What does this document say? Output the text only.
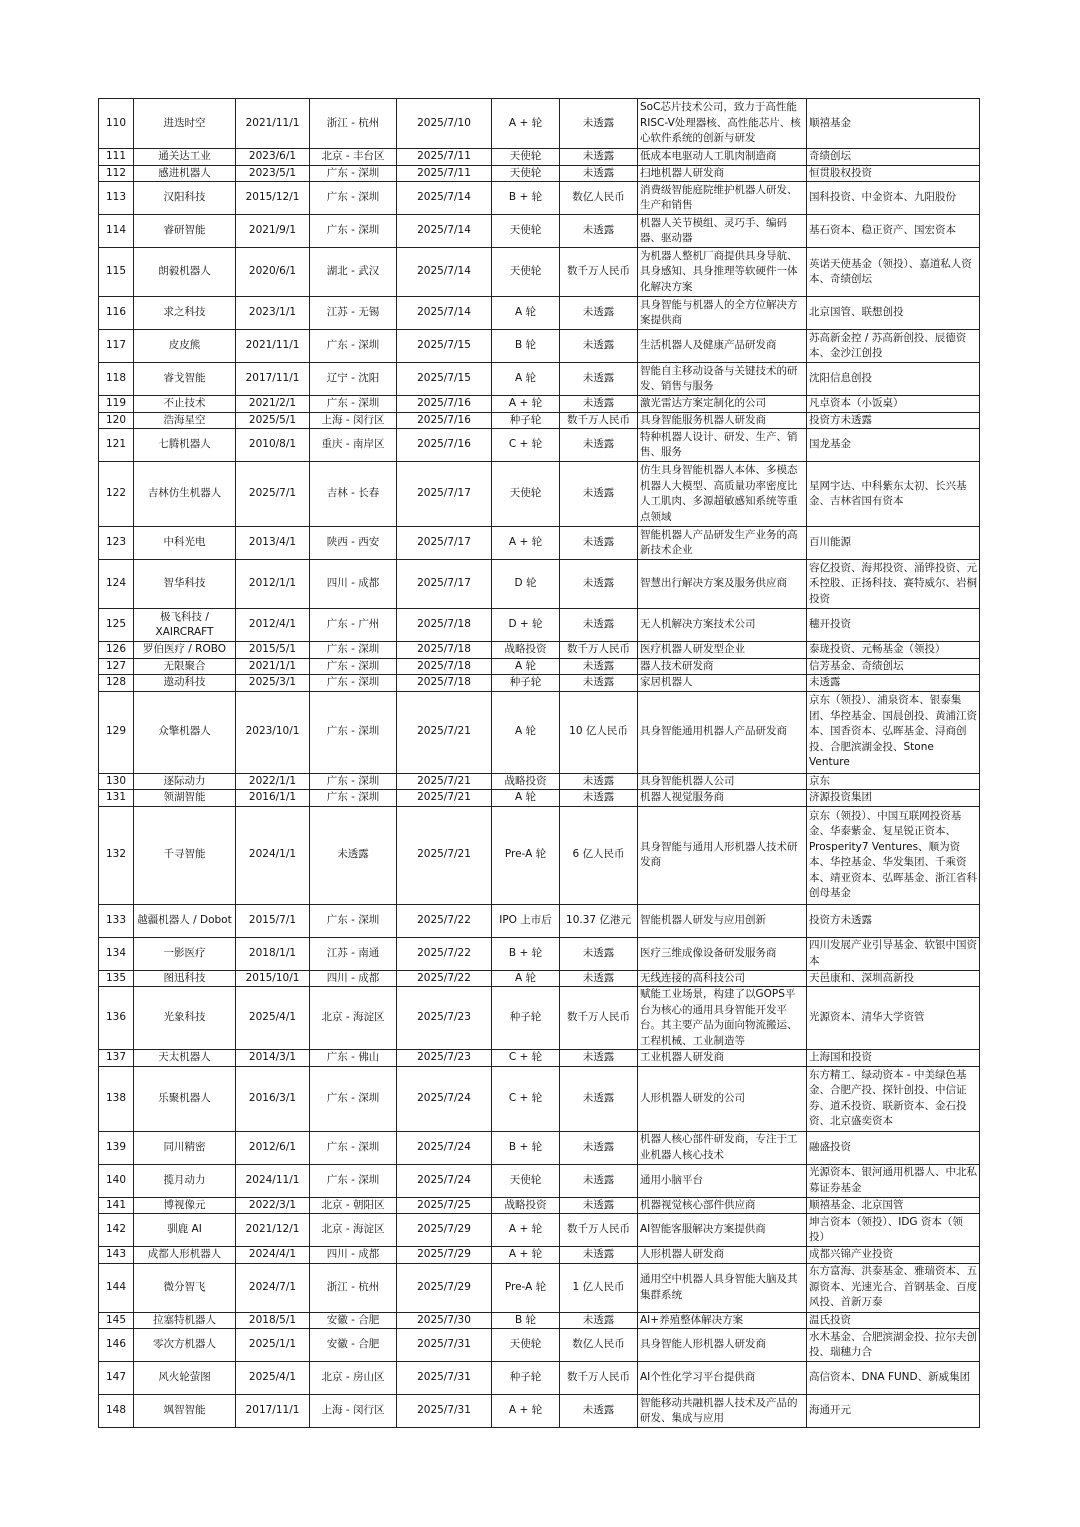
110	进迭时空	2021/11/1	浙江 - 杭州	2025/7/10	A + 轮	未透露	SoC芯片技术公司，致力于高性能RISC-V处理器核、高性能芯片、核心软件系统的创新与研发	顺禧基金
111	通关达工业	2023/6/1	北京 - 丰台区	2025/7/11	天使轮	未透露	低成本电驱动人工肌肉制造商	奇绩创坛
112	感进机器人	2023/5/1	广东 - 深圳	2025/7/11	天使轮	未透露	扫地机器人研发商	恒贯股权投资
113	汉阳科技	2015/12/1	广东 - 深圳	2025/7/14	B + 轮	数亿人民币	消费级智能庭院维护机器人研发、生产和销售	国科投资、中金资本、九阳股份
114	睿研智能	2021/9/1	广东 - 深圳	2025/7/14	天使轮	未透露	机器人关节模组、灵巧手、编码器、驱动器	基石资本、稳正资产、国宏资本
115	朗毅机器人	2020/6/1	湖北 - 武汉	2025/7/14	天使轮	数千万人民币	为机器人整机厂商提供具身导航、具身感知、具身推理等软硬件一体化解决方案	英诺天使基金（领投）、嘉道私人资本、奇绩创坛
116	求之科技	2023/1/1	江苏 - 无锡	2025/7/14	A 轮	未透露	具身智能与机器人的全方位解决方案提供商	北京国管、联想创投
117	皮皮熊	2021/11/1	广东 - 深圳	2025/7/15	B 轮	未透露	生活机器人及健康产品研发商	苏高新金控 / 苏高新创投、辰德资本、金沙江创投
118	睿戈智能	2017/11/1	辽宁 - 沈阳	2025/7/15	A 轮	未透露	智能自主移动设备与关键技术的研发、销售与服务	沈阳信息创投
119	不止技术	2021/2/1	广东 - 深圳	2025/7/16	A + 轮	未透露	激光雷达方案定制化的公司	凡卓资本（小饭桌）
120	浩海星空	2025/5/1	上海 - 闵行区	2025/7/16	种子轮	数千万人民币	具身智能服务机器人研发商	投资方未透露
121	七腾机器人	2010/8/1	重庆 - 南岸区	2025/7/16	C + 轮	未透露	特种机器人设计、研发、生产、销售、服务	国龙基金
122	吉林仿生机器人	2025/7/1	吉林 - 长春	2025/7/17	天使轮	未透露	仿生具身智能机器人本体、多模态机器人大模型、高质量功率密度比人工肌肉、多源超敏感知系统等重点领域	星网宇达、中科紫东太初、长兴基金、吉林省国有资本
123	中科光电	2013/4/1	陕西 - 西安	2025/7/17	A + 轮	未透露	智能机器人产品研发生产业务的高新技术企业	百川能源
124	智华科技	2012/1/1	四川 - 成都	2025/7/17	D 轮	未透露	智慧出行解决方案及服务供应商	容亿投资、海邦投资、涌铧投资、元禾控股、正扬科技、赛特威尔、岩桐投资
125	极飞科技 / XAIRCRAFT	2012/4/1	广东 - 广州	2025/7/18	D + 轮	未透露	无人机解决方案技术公司	穗开投资
126	罗伯医疗 / ROBO	2015/5/1	广东 - 深圳	2025/7/18	战略投资	数千万人民币	医疗机器人研发型企业	泰珑投资、元畅基金（领投）
127	无限聚合	2021/1/1	广东 - 深圳	2025/7/18	A 轮	未透露	器人技术研发商	信芳基金、奇绩创坛
128	遨动科技	2025/3/1	广东 - 深圳	2025/7/18	种子轮	未透露	家居机器人	未透露
129	众擎机器人	2023/10/1	广东 - 深圳	2025/7/21	A 轮	10 亿人民币	具身智能通用机器人产品研发商	京东（领投）、浦泉资本、银泰集团、华控基金、国晨创投、黄浦江资本、国香资本、弘晖基金、浔商创投、合肥滨湖金投、Stone Venture
130	逐际动力	2022/1/1	广东 - 深圳	2025/7/21	战略投资	未透露	具身智能机器人公司	京东
131	领湖智能	2016/1/1	广东 - 深圳	2025/7/21	A 轮	未透露	机器人视觉服务商	济源投资集团
132	千寻智能	2024/1/1	未透露	2025/7/21	Pre-A 轮	6 亿人民币	具身智能与通用人形机器人技术研发商	京东（领投）、中国互联网投资基金、华泰紫金、复星锐正资本、Prosperity7 Ventures、顺为资本、华控基金、华发集团、千乘资本、靖亚资本、弘晖基金、浙江省科创母基金
133	越疆机器人 / Dobot	2015/7/1	广东 - 深圳	2025/7/22	IPO 上市后	10.37 亿港元	智能机器人研发与应用创新	投资方未透露
134	一影医疗	2018/1/1	江苏 - 南通	2025/7/22	B + 轮	未透露	医疗三维成像设备研发服务商	四川发展产业引导基金、软银中国资本
135	图迅科技	2015/10/1	四川 - 成都	2025/7/22	A 轮	未透露	无线连接的高科技公司	天邑康和、深圳高新投
136	光象科技	2025/4/1	北京 - 海淀区	2025/7/23	种子轮	数千万人民币	赋能工业场景，构建了以GOPS平台为核心的通用具身智能开发平台。其主要产品为面向物流搬运、工程机械、工业制造等	光源资本、清华大学资管
137	天太机器人	2014/3/1	广东 - 佛山	2025/7/23	C + 轮	未透露	工业机器人研发商	上海国和投资
138	乐聚机器人	2016/3/1	广东 - 深圳	2025/7/24	C + 轮	未透露	人形机器人研发的公司	东方精工、绿动资本 - 中美绿色基金、合肥产投、探针创投、中信证券、道禾投资、联新资本、金石投资、北京盛奕资本
139	同川精密	2012/6/1	广东 - 深圳	2025/7/24	B + 轮	未透露	机器人核心部件研发商，专注于工业机器人核心技术	融盛投资
140	揽月动力	2024/11/1	广东 - 深圳	2025/7/24	天使轮	未透露	通用小脑平台	光源资本、银河通用机器人、中北私募证券基金
141	博视像元	2022/3/1	北京 - 朝阳区	2025/7/25	战略投资	未透露	机器视觉核心部件供应商	顺禧基金、北京国管
142	驯鹿 AI	2021/12/1	北京 - 海淀区	2025/7/29	A + 轮	数千万人民币	AI智能客服解决方案提供商	坤言资本（领投）、IDG 资本（领投）
143	成都人形机器人	2024/4/1	四川 - 成都	2025/7/29	A + 轮	未透露	人形机器人研发商	成都兴锦产业投资
144	微分智飞	2024/7/1	浙江 - 杭州	2025/7/29	Pre-A 轮	1 亿人民币	通用空中机器人具身智能大脑及其集群系统	东方富海、洪泰基金、雅瑞资本、五源资本、光速光合、首钢基金、百度风投、首新万泰
145	拉塞特机器人	2018/5/1	安徽 - 合肥	2025/7/30	B 轮	未透露	AI+养殖整体解决方案	温氏投资
146	零次方机器人	2025/1/1	安徽 - 合肥	2025/7/31	天使轮	数亿人民币	具身智能人形机器人研发商	水木基金、合肥滨湖金投、拉尔夫创投、瑞穗力合
147	风火轮萤图	2025/4/1	北京 - 房山区	2025/7/31	种子轮	数千万人民币	AI个性化学习平台提供商	高信资本、DNA FUND、新威集团
148	飒智智能	2017/11/1	上海 - 闵行区	2025/7/31	A + 轮	未透露	智能移动共融机器人技术及产品的研发、集成与应用	海通开元
